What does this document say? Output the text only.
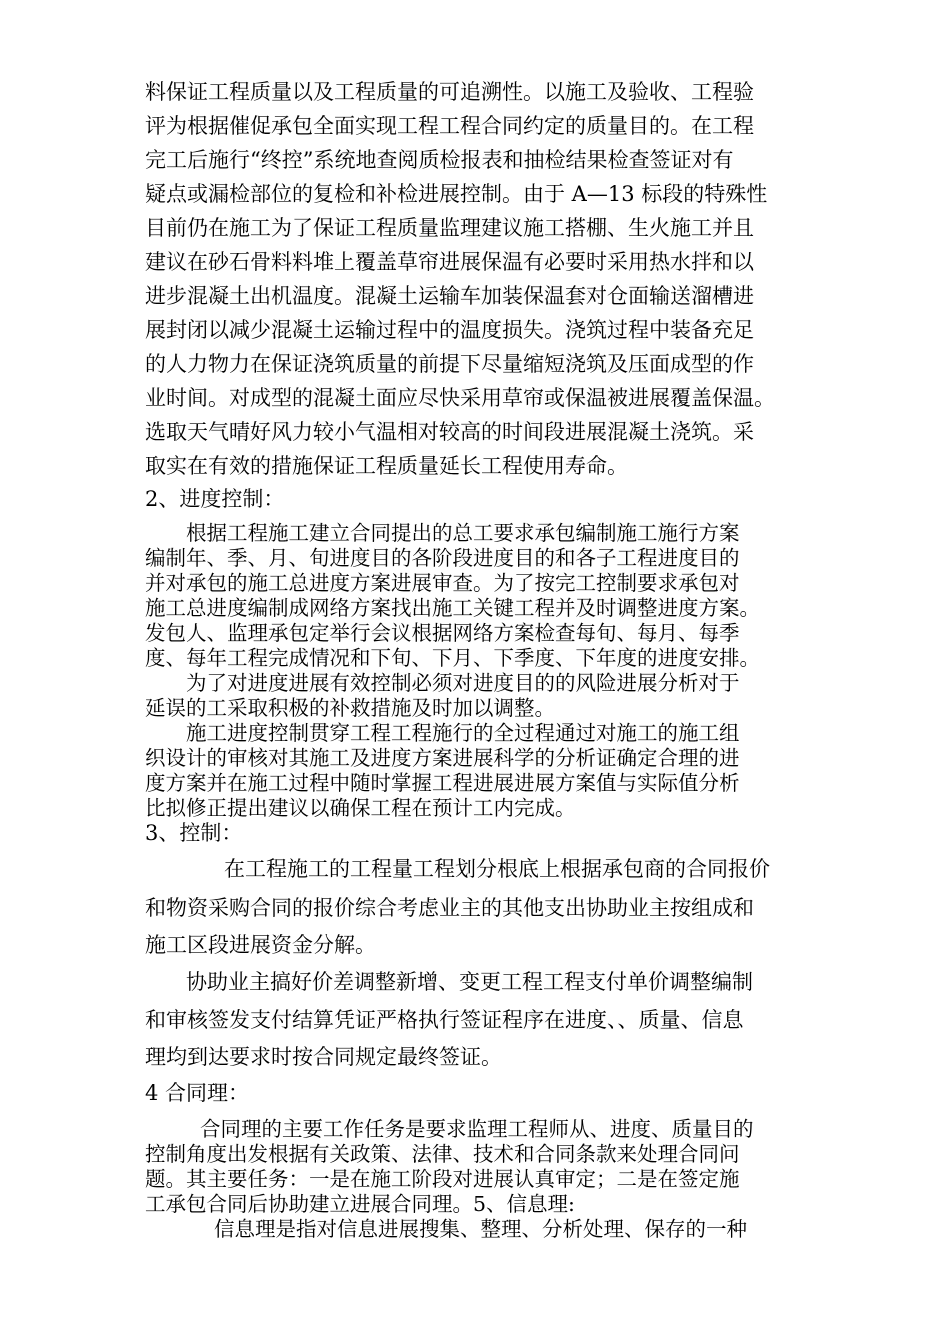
料保证工程质量以及工程质量的可追溯性。以施工及验收、工程验
评为根据催促承包全面实现工程工程合同约定的质量目的。在工程
完工后施行“终控”系统地查阅质检报表和抽检结果检查签证对有
疑点或漏检部位的复检和补检进展控制。由于 A—13 标段的特殊性
目前仍在施工为了保证工程质量监理建议施工搭棚、生火施工并且
建议在砂石骨料料堆上覆盖草帘进展保温有必要时采用热水拌和以
进步混凝土出机温度。混凝土运输车加装保温套对仓面输送溜槽进
展封闭以减少混凝土运输过程中的温度损失。浇筑过程中装备充足
的人力物力在保证浇筑质量的前提下尽量缩短浇筑及压面成型的作
业时间。对成型的混凝土面应尽快采用草帘或保温被进展覆盖保温。
选取天气晴好风力较小气温相对较高的时间段进展混凝土浇筑。采
取实在有效的措施保证工程质量延长工程使用寿命。
2、进度控制：
根据工程施工建立合同提出的总工要求承包编制施工施行方案
编制年、季、月、旬进度目的各阶段进度目的和各子工程进度目的
并对承包的施工总进度方案进展审查。为了按完工控制要求承包对
施工总进度编制成网络方案找出施工关键工程并及时调整进度方案。
发包人、监理承包定举行会议根据网络方案检查每旬、每月、每季
度、每年工程完成情况和下旬、下月、下季度、下年度的进度安排。
为了对进度进展有效控制必须对进度目的的风险进展分析对于
延误的工采取积极的补救措施及时加以调整。
施工进度控制贯穿工程工程施行的全过程通过对施工的施工组
织设计的审核对其施工及进度方案进展科学的分析证确定合理的进
度方案并在施工过程中随时掌握工程进展进展方案值与实际值分析
比拟修正提出建议以确保工程在预计工内完成。
3、控制：
在工程施工的工程量工程划分根底上根据承包商的合同报价
和物资采购合同的报价综合考虑业主的其他支出协助业主按组成和
施工区段进展资金分解。
协助业主搞好价差调整新增、变更工程工程支付单价调整编制
和审核签发支付结算凭证严格执行签证程序在进度、、质量、信息
理均到达要求时按合同规定最终签证。
4 合同理：
合同理的主要工作任务是要求监理工程师从、进度、质量目的
控制角度出发根据有关政策、法律、技术和合同条款来处理合同问
题。其主要任务：一是在施工阶段对进展认真审定；二是在签定施
工承包合同后协助建立进展合同理。5、信息理:
信息理是指对信息进展搜集、整理、分析处理、保存的一种
